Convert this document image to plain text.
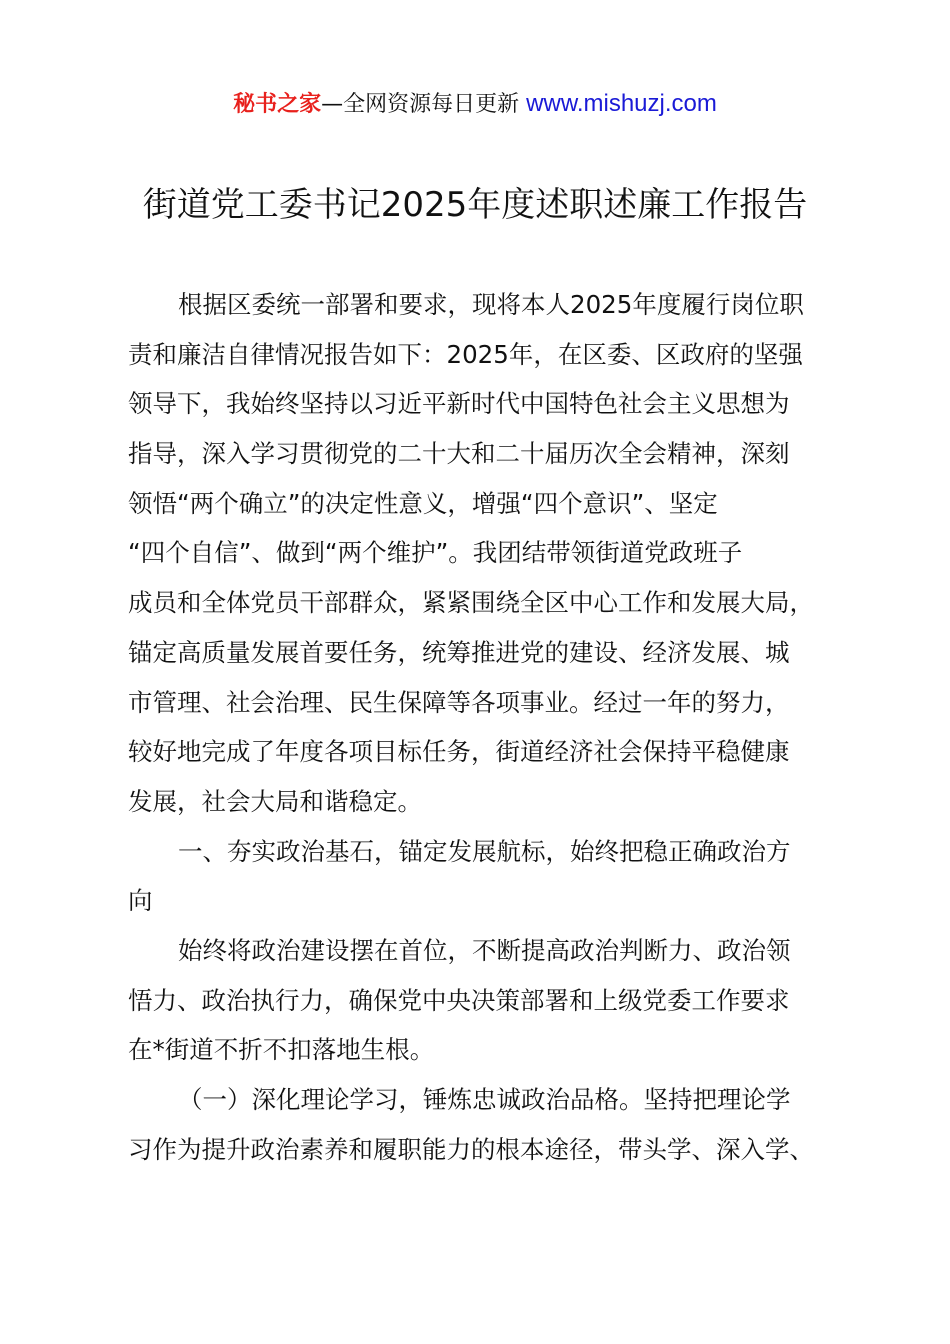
秘书之家—全网资源每日更新 www.mishuzj.com
街道党工委书记2025年度述职述廉工作报告
根据区委统一部署和要求，现将本人2025年度履行岗位职
责和廉洁自律情况报告如下：2025年，在区委、区政府的坚强
领导下，我始终坚持以习近平新时代中国特色社会主义思想为
指导，深入学习贯彻党的二十大和二十届历次全会精神，深刻
领悟“两个确立”的决定性意义，增强“四个意识”、坚定
“四个自信”、做到“两个维护”。我团结带领街道党政班子
成员和全体党员干部群众，紧紧围绕全区中心工作和发展大局，
锚定高质量发展首要任务，统筹推进党的建设、经济发展、城
市管理、社会治理、民生保障等各项事业。经过一年的努力，
较好地完成了年度各项目标任务，街道经济社会保持平稳健康
发展，社会大局和谐稳定。
一、夯实政治基石，锚定发展航标，始终把稳正确政治方
向
始终将政治建设摆在首位，不断提高政治判断力、政治领
悟力、政治执行力，确保党中央决策部署和上级党委工作要求
在*街道不折不扣落地生根。
（一）深化理论学习，锤炼忠诚政治品格。坚持把理论学
习作为提升政治素养和履职能力的根本途径，带头学、深入学、
